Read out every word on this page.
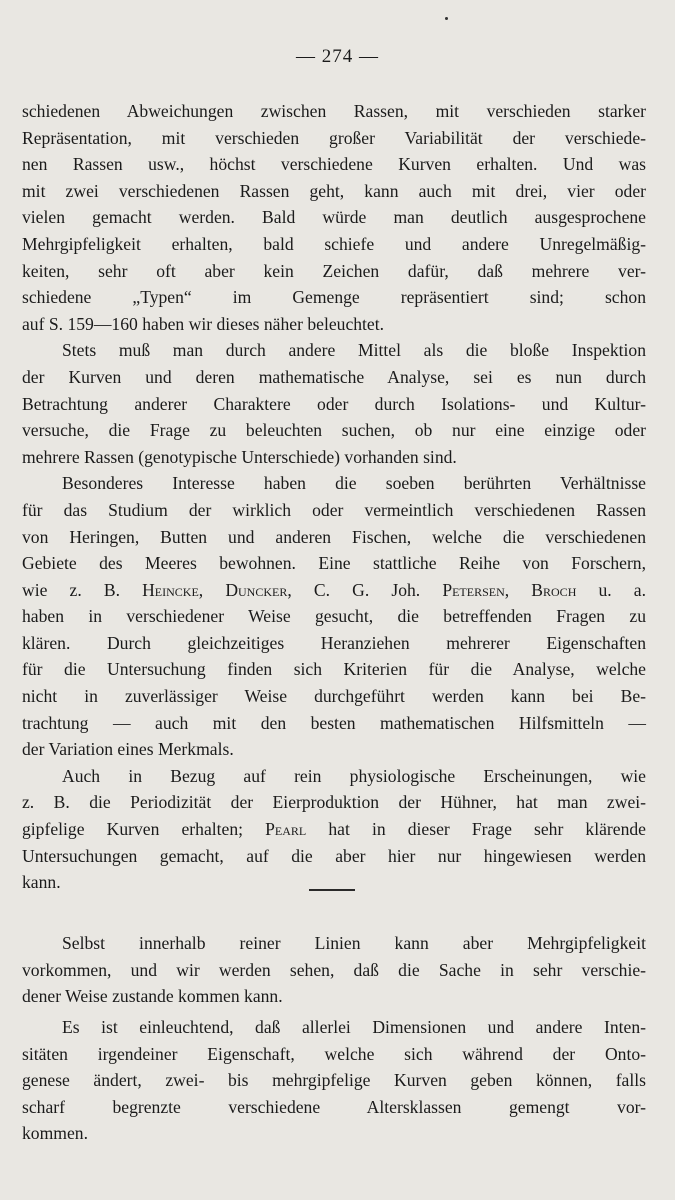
— 274 —
schiedenen Abweichungen zwischen Rassen, mit verschieden starker
Repräsentation, mit verschieden großer Variabilität der verschiede-
nen Rassen usw., höchst verschiedene Kurven erhalten. Und was
mit zwei verschiedenen Rassen geht, kann auch mit drei, vier oder
vielen gemacht werden. Bald würde man deutlich ausgesprochene
Mehrgipfeligkeit erhalten, bald schiefe und andere Unregelmäßig-
keiten, sehr oft aber kein Zeichen dafür, daß mehrere ver-
schiedene „Typen“ im Gemenge repräsentiert sind; schon
auf S. 159—160 haben wir dieses näher beleuchtet.
Stets muß man durch andere Mittel als die bloße Inspektion
der Kurven und deren mathematische Analyse, sei es nun durch
Betrachtung anderer Charaktere oder durch Isolations- und Kultur-
versuche, die Frage zu beleuchten suchen, ob nur eine einzige oder
mehrere Rassen (genotypische Unterschiede) vorhanden sind.
Besonderes Interesse haben die soeben berührten Verhältnisse
für das Studium der wirklich oder vermeintlich verschiedenen Rassen
von Heringen, Butten und anderen Fischen, welche die verschiedenen
Gebiete des Meeres bewohnen. Eine stattliche Reihe von Forschern,
wie z. B. Heincke, Duncker, C. G. Joh. Petersen, Broch u. a.
haben in verschiedener Weise gesucht, die betreffenden Fragen zu
klären. Durch gleichzeitiges Heranziehen mehrerer Eigenschaften
für die Untersuchung finden sich Kriterien für die Analyse, welche
nicht in zuverlässiger Weise durchgeführt werden kann bei Be-
trachtung — auch mit den besten mathematischen Hilfsmitteln —
der Variation eines Merkmals.
Auch in Bezug auf rein physiologische Erscheinungen, wie
z. B. die Periodizität der Eierproduktion der Hühner, hat man zwei-
gipfelige Kurven erhalten; Pearl hat in dieser Frage sehr klärende
Untersuchungen gemacht, auf die aber hier nur hingewiesen werden
kann.
Selbst innerhalb reiner Linien kann aber Mehrgipfeligkeit
vorkommen, und wir werden sehen, daß die Sache in sehr verschie-
dener Weise zustande kommen kann.
Es ist einleuchtend, daß allerlei Dimensionen und andere Inten-
sitäten irgendeiner Eigenschaft, welche sich während der Onto-
genese ändert, zwei- bis mehrgipfelige Kurven geben können, falls
scharf begrenzte verschiedene Altersklassen gemengt vor-
kommen.
